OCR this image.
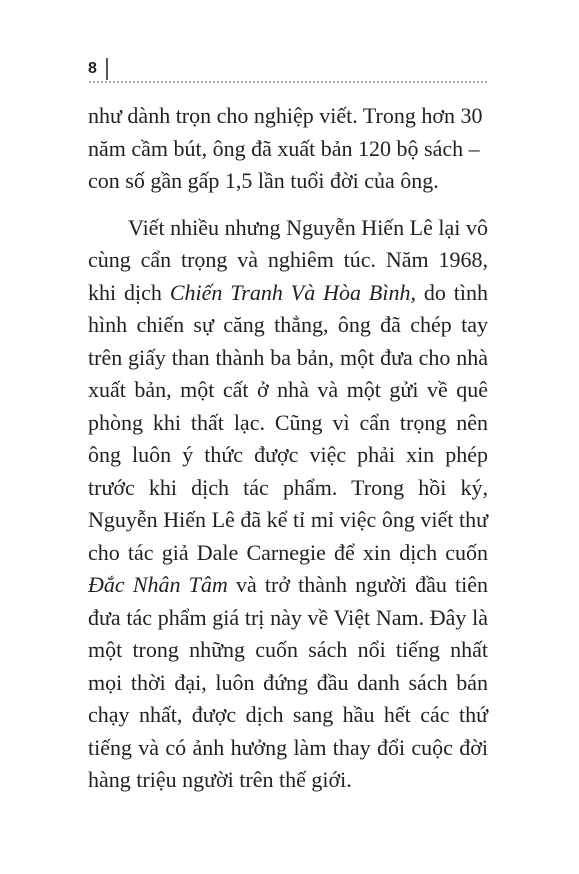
8

như dành trọn cho nghiệp viết. Trong hơn 30 năm cầm bút, ông đã xuất bản 120 bộ sách – con số gần gấp 1,5 lần tuổi đời của ông.

Viết nhiều nhưng Nguyễn Hiến Lê lại vô cùng cẩn trọng và nghiêm túc. Năm 1968, khi dịch Chiến Tranh Và Hòa Bình, do tình hình chiến sự căng thẳng, ông đã chép tay trên giấy than thành ba bản, một đưa cho nhà xuất bản, một cất ở nhà và một gửi về quê phòng khi thất lạc. Cũng vì cẩn trọng nên ông luôn ý thức được việc phải xin phép trước khi dịch tác phẩm. Trong hồi ký, Nguyễn Hiến Lê đã kể tỉ mỉ việc ông viết thư cho tác giả Dale Carnegie để xin dịch cuốn Đắc Nhân Tâm và trở thành người đầu tiên đưa tác phẩm giá trị này về Việt Nam. Đây là một trong những cuốn sách nổi tiếng nhất mọi thời đại, luôn đứng đầu danh sách bán chạy nhất, được dịch sang hầu hết các thứ tiếng và có ảnh hưởng làm thay đổi cuộc đời hàng triệu người trên thế giới.
